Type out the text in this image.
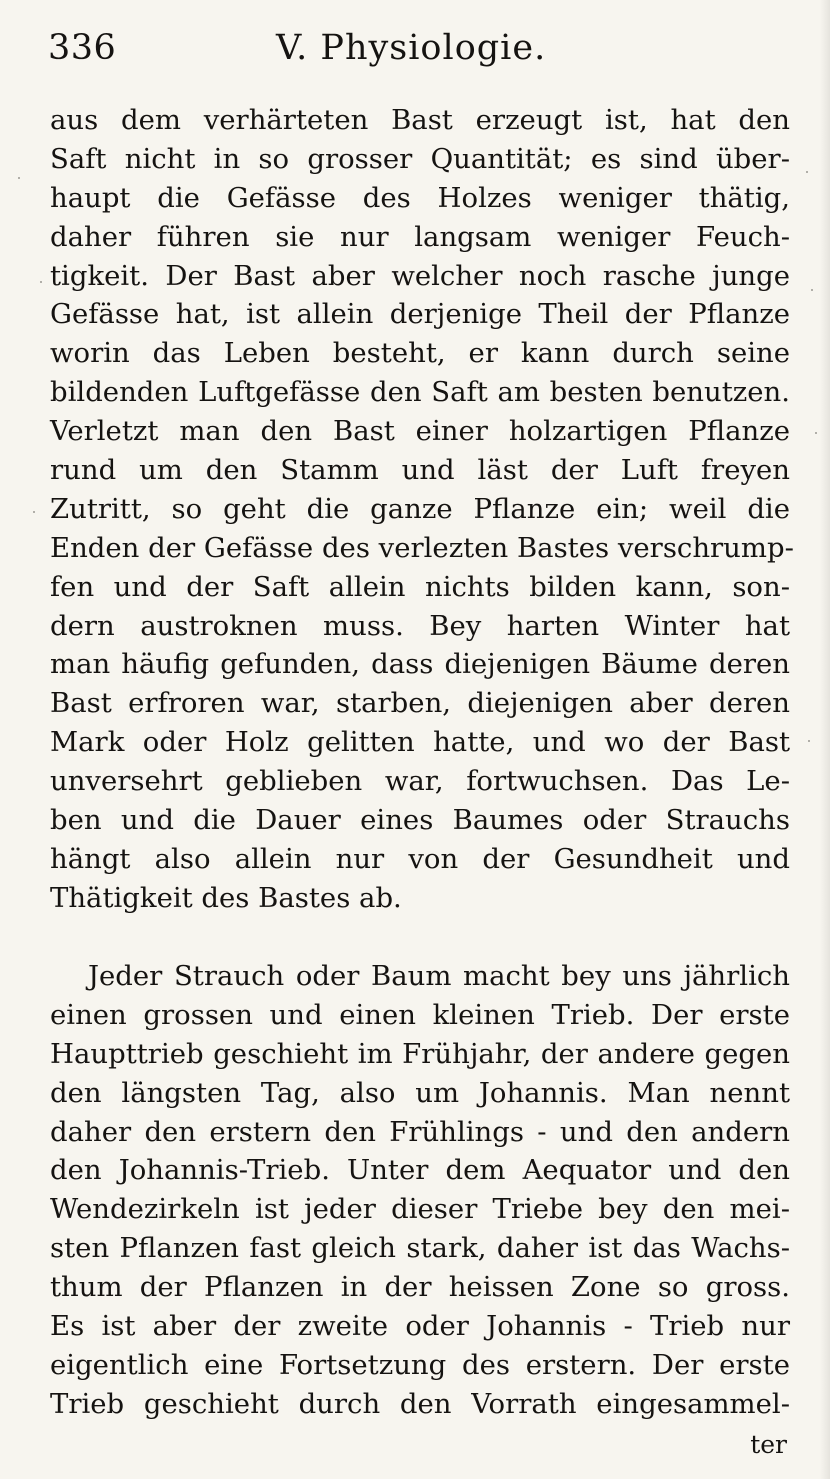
336	V. Physiologie.
aus dem verhärteten Bast erzeugt ist, hat den
Saft nicht in so grosser Quantität; es sind über-
haupt die Gefässe des Holzes weniger thätig,
daher führen sie nur langsam weniger Feuch-
tigkeit. Der Bast aber welcher noch rasche junge
Gefässe hat, ist allein derjenige Theil der Pflanze
worin das Leben besteht, er kann durch seine
bildenden Luftgefässe den Saft am besten benutzen.
Verletzt man den Bast einer holzartigen Pflanze
rund um den Stamm und läst der Luft freyen
Zutritt, so geht die ganze Pflanze ein; weil die
Enden der Gefässe des verlezten Bastes verschrump-
fen und der Saft allein nichts bilden kann, son-
dern austroknen muss. Bey harten Winter hat
man häufig gefunden, dass diejenigen Bäume deren
Bast erfroren war, starben, diejenigen aber deren
Mark oder Holz gelitten hatte, und wo der Bast
unversehrt geblieben war, fortwuchsen. Das Le-
ben und die Dauer eines Baumes oder Strauchs
hängt also allein nur von der Gesundheit und
Thätigkeit des Bastes ab.
Jeder Strauch oder Baum macht bey uns jährlich
einen grossen und einen kleinen Trieb. Der erste
Haupttrieb geschieht im Frühjahr, der andere gegen
den längsten Tag, also um Johannis. Man nennt
daher den erstern den Frühlings - und den andern
den Johannis-Trieb. Unter dem Aequator und den
Wendezirkeln ist jeder dieser Triebe bey den mei-
sten Pflanzen fast gleich stark, daher ist das Wachs-
thum der Pflanzen in der heissen Zone so gross.
Es ist aber der zweite oder Johannis - Trieb nur
eigentlich eine Fortsetzung des erstern. Der erste
Trieb geschieht durch den Vorrath eingesammel-
ter
